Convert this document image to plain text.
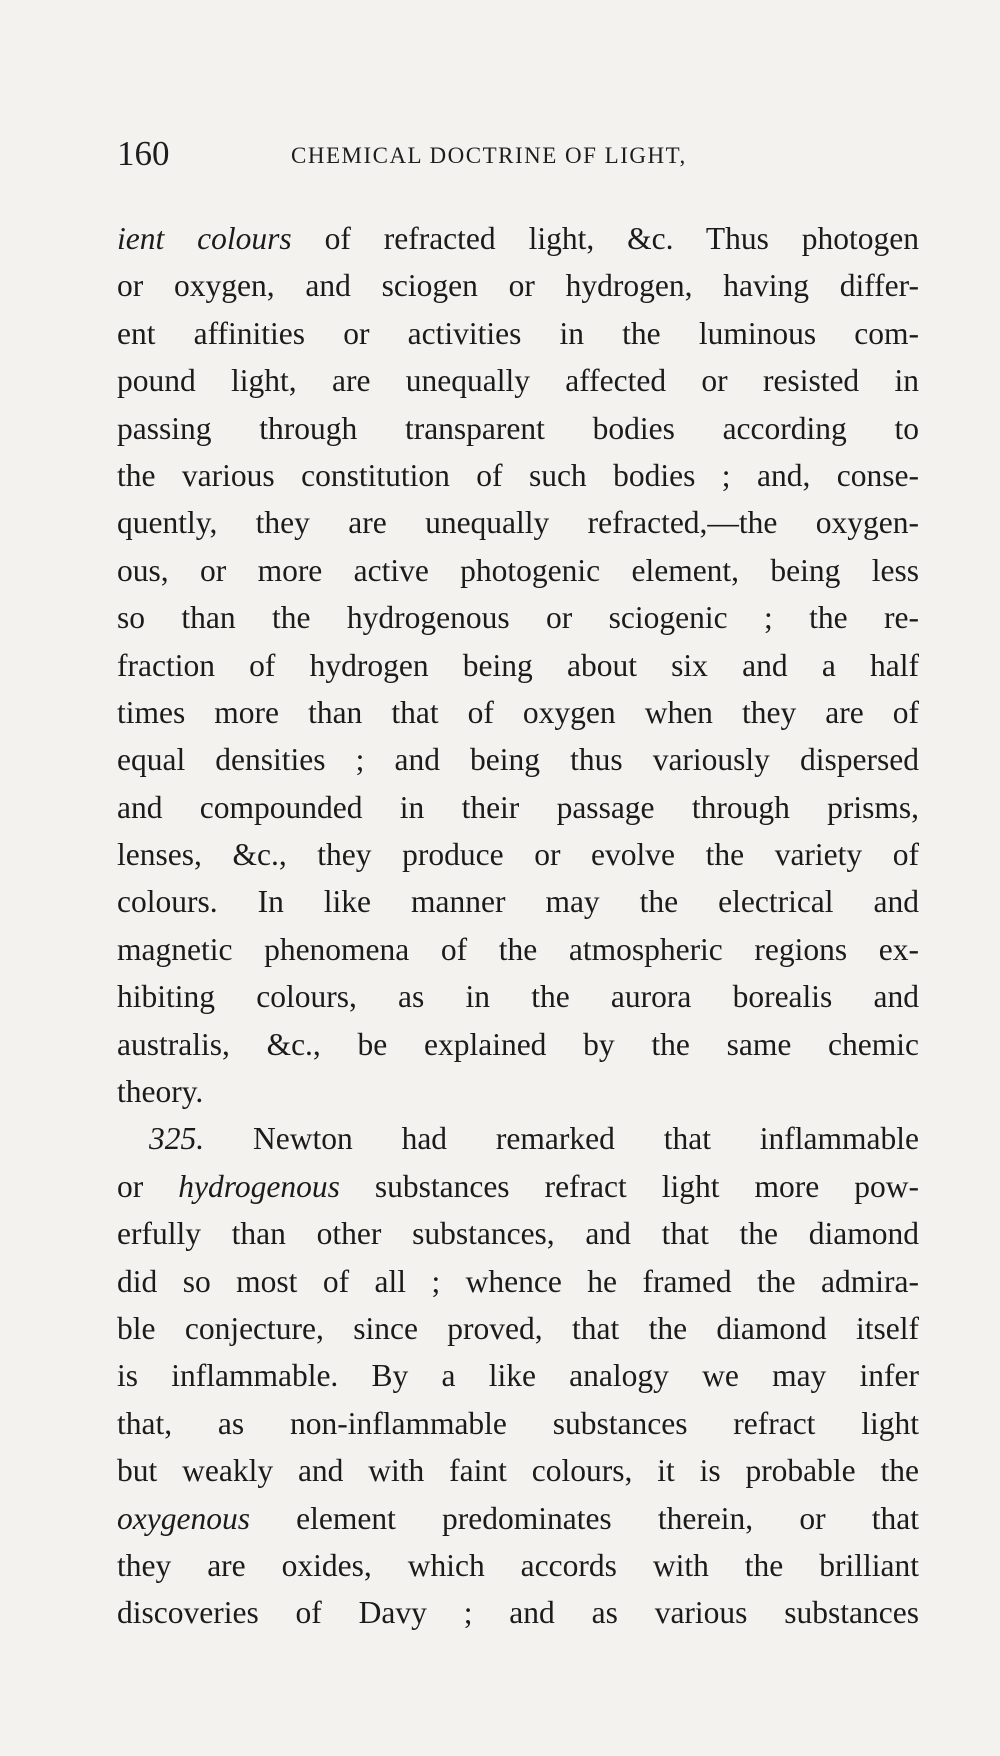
160	CHEMICAL DOCTRINE OF LIGHT,
ient colours of refracted light, &c. Thus photogen
or oxygen, and sciogen or hydrogen, having differ-
ent affinities or activities in the luminous com-
pound light, are unequally affected or resisted in
passing through transparent bodies according to
the various constitution of such bodies ; and, conse-
quently, they are unequally refracted,—the oxygen-
ous, or more active photogenic element, being less
so than the hydrogenous or sciogenic ; the re-
fraction of hydrogen being about six and a half
times more than that of oxygen when they are of
equal densities ; and being thus variously dispersed
and compounded in their passage through prisms,
lenses, &c., they produce or evolve the variety of
colours. In like manner may the electrical and
magnetic phenomena of the atmospheric regions ex-
hibiting colours, as in the aurora borealis and
australis, &c., be explained by the same chemic
theory.
325. Newton had remarked that inflammable
or hydrogenous substances refract light more pow-
erfully than other substances, and that the diamond
did so most of all ; whence he framed the admira-
ble conjecture, since proved, that the diamond itself
is inflammable. By a like analogy we may infer
that, as non-inflammable substances refract light
but weakly and with faint colours, it is probable the
oxygenous element predominates therein, or that
they are oxides, which accords with the brilliant
discoveries of Davy ; and as various substances
